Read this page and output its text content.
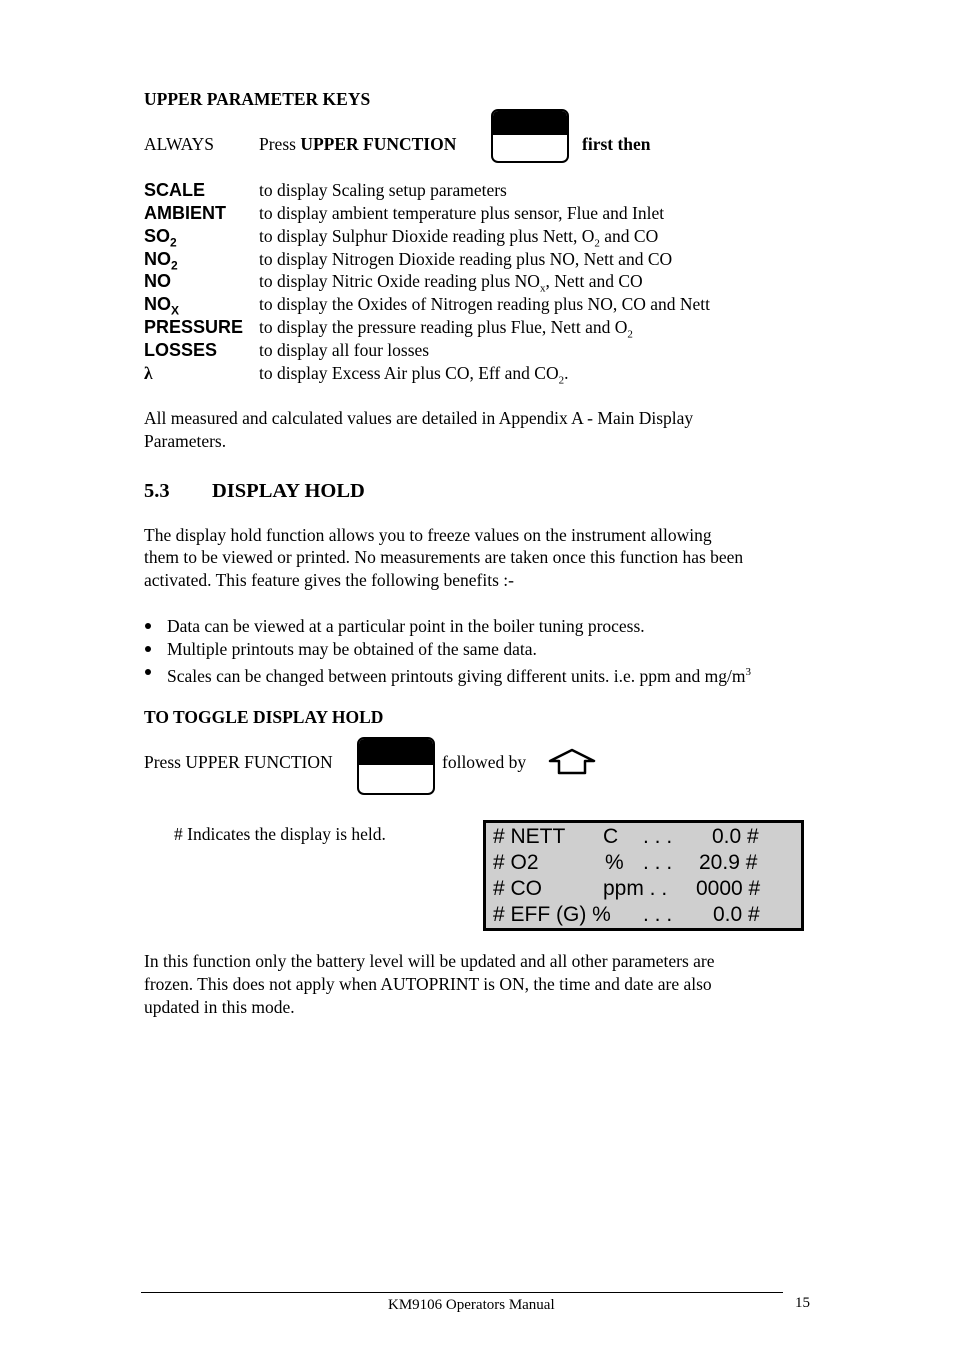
UPPER PARAMETER KEYS
ALWAYS	Press UPPER FUNCTION	first then
SCALE	to display Scaling setup parameters
AMBIENT to display ambient temperature plus sensor, Flue and Inlet
$SO_2$	to display Sulphur Dioxide reading plus Nett, $O_2$ and CO
$NO_2$	to display Nitrogen Dioxide reading plus NO, Nett and CO
NO	to display Nitric Oxide reading plus $NO_x$, Nett and CO
$NO_X$	to display the Oxides of Nitrogen reading plus NO, CO and Nett
PRESSURE to display the pressure reading plus Flue, Nett and $O_2$
LOSSES to display all four losses
λ	to display Excess Air plus CO, Eff and $CO_2$.
All measured and calculated values are detailed in Appendix A - Main Display
Parameters.
5.3 DISPLAY HOLD
The display hold function allows you to freeze values on the instrument allowing
them to be viewed or printed. No measurements are taken once this function has been
activated. This feature gives the following benefits :-
Data can be viewed at a particular point in the boiler tuning process.
Multiple printouts may be obtained of the same data.
Scales can be changed between printouts giving different units. i.e. ppm and $mg/m^3$
TO TOGGLE DISPLAY HOLD
Press UPPER FUNCTION	followed by
# Indicates the display is held.	# NETT C . . . 0.0 #
# O2	% . . . 20.9 #
# CO	ppm . . 0000 #
# EFF (G) % . . . 0.0 #
In this function only the battery level will be updated and all other parameters are
frozen. This does not apply when AUTOPRINT is ON, the time and date are also
updated in this mode.
KM9106 Operators Manual	15
